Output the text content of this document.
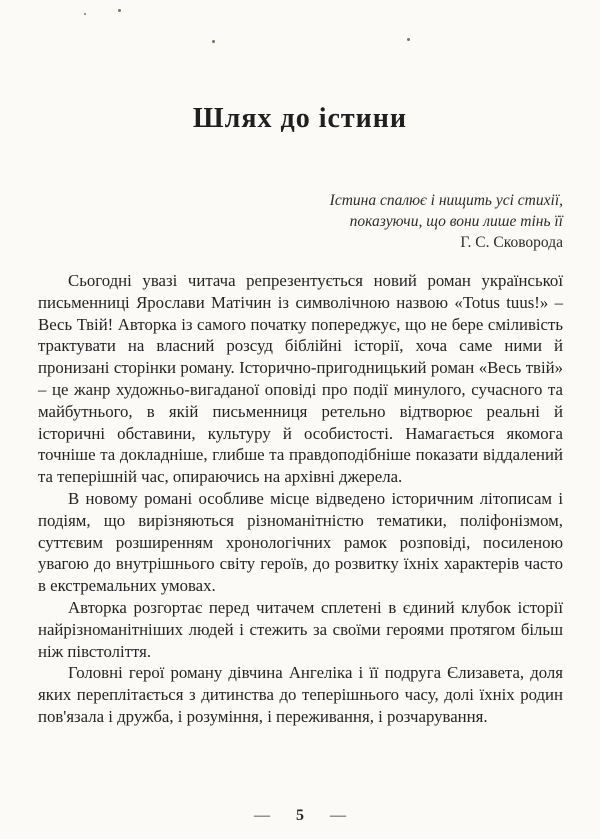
Шлях до істини
Істина спалює і нищить усі стихії,
показуючи, що вони лише тінь її
Г. С. Сковорода

Сьогодні увазі читача репрезентується новий роман української письменниці Ярослави Матічин із символічною назвою «Totus tuus!» – Весь Твій! Авторка із самого початку попереджує, що не бере сміливість трактувати на власний розсуд біблійні історії, хоча саме ними й пронизані сторінки роману. Історично-пригодницький роман «Весь твій» – це жанр художньо-вигаданої оповіді про події минулого, сучасного та майбутнього, в якій письменниця ретельно відтворює реальні й історичні обставини, культуру й особистості. Намагається якомога точніше та докладніше, глибше та правдоподібніше показати віддалений та теперішній час, опираючись на архівні джерела.

В новому романі особливе місце відведено історичним літописам і подіям, що вирізняються різноманітністю тематики, поліфонізмом, суттєвим розширенням хронологічних рамок розповіді, посиленою увагою до внутрішнього світу героїв, до розвитку їхніх характерів часто в екстремальних умовах.

Авторка розгортає перед читачем сплетені в єдиний клубок історії найрізноманітніших людей і стежить за своїми героями протягом більш ніж півстоліття.

Головні герої роману дівчина Ангеліка і її подруга Єлизавета, доля яких переплітається з дитинства до теперішнього часу, долі їхніх родин пов'язала і дружба, і розуміння, і переживання, і розчарування.

— 5 —
